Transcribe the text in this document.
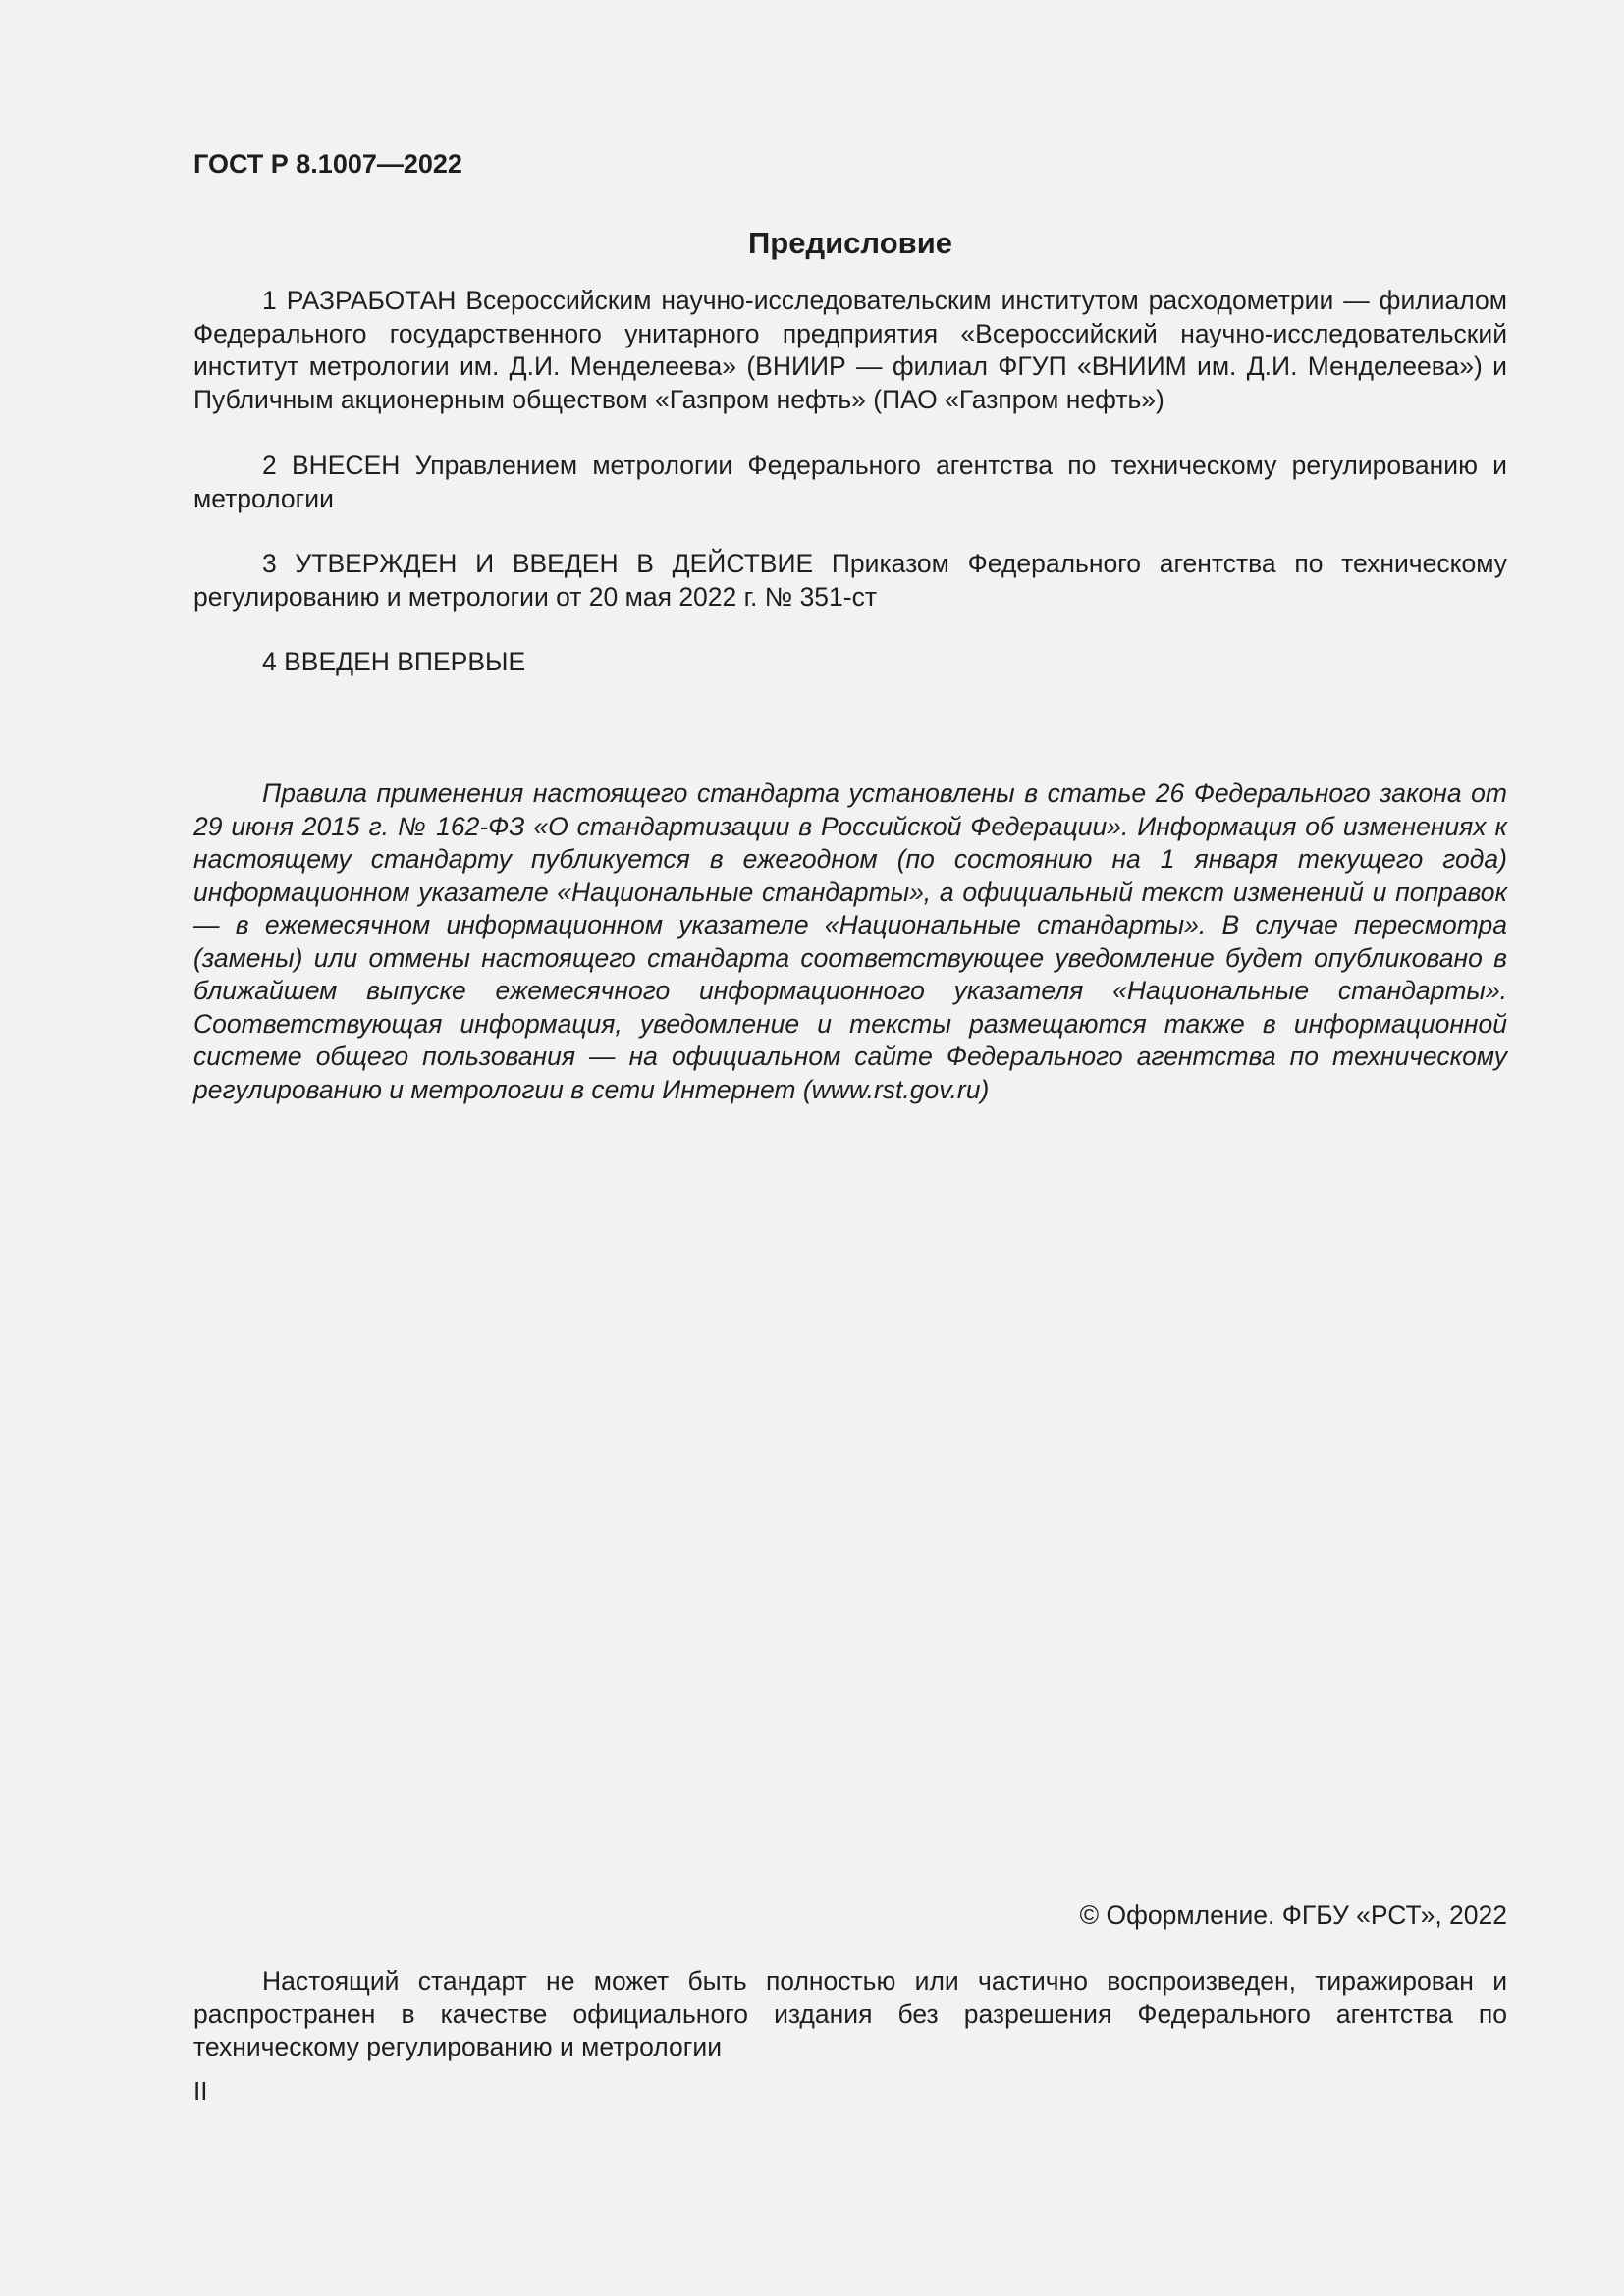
ГОСТ Р 8.1007—2022

Предисловие

1 РАЗРАБОТАН Всероссийским научно-исследовательским институтом расходометрии — филиалом Федерального государственного унитарного предприятия «Всероссийский научно-исследовательский институт метрологии им. Д.И. Менделеева» (ВНИИР — филиал ФГУП «ВНИИМ им. Д.И. Менделеева») и Публичным акционерным обществом «Газпром нефть» (ПАО «Газпром нефть»)

2 ВНЕСЕН Управлением метрологии Федерального агентства по техническому регулированию и метрологии

3 УТВЕРЖДЕН И ВВЕДЕН В ДЕЙСТВИЕ Приказом Федерального агентства по техническому регулированию и метрологии от 20 мая 2022 г. № 351-ст

4 ВВЕДЕН ВПЕРВЫЕ

Правила применения настоящего стандарта установлены в статье 26 Федерального закона от 29 июня 2015 г. № 162-ФЗ «О стандартизации в Российской Федерации». Информация об изменениях к настоящему стандарту публикуется в ежегодном (по состоянию на 1 января текущего года) информационном указателе «Национальные стандарты», а официальный текст изменений и поправок — в ежемесячном информационном указателе «Национальные стандарты». В случае пересмотра (замены) или отмены настоящего стандарта соответствующее уведомление будет опубликовано в ближайшем выпуске ежемесячного информационного указателя «Национальные стандарты». Соответствующая информация, уведомление и тексты размещаются также в информационной системе общего пользования — на официальном сайте Федерального агентства по техническому регулированию и метрологии в сети Интернет (www.rst.gov.ru)

© Оформление. ФГБУ «РСТ», 2022

Настоящий стандарт не может быть полностью или частично воспроизведен, тиражирован и распространен в качестве официального издания без разрешения Федерального агентства по техническому регулированию и метрологии

II
